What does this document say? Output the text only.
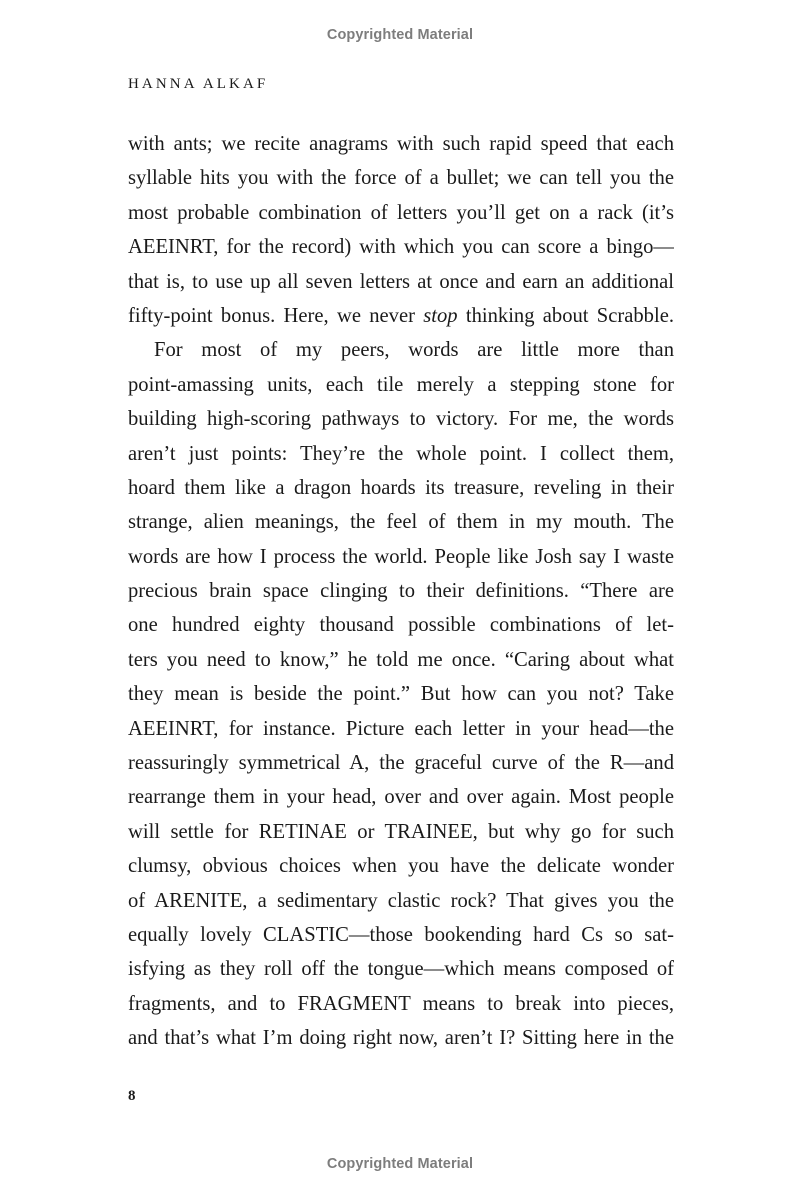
Copyrighted Material
HANNA ALKAF
with ants; we recite anagrams with such rapid speed that each
syllable hits you with the force of a bullet; we can tell you the
most probable combination of letters you’ll get on a rack (it’s
AEEINRT, for the record) with which you can score a bingo—
that is, to use up all seven letters at once and earn an additional
fifty-point bonus. Here, we never stop thinking about Scrabble.
For most of my peers, words are little more than
point-amassing units, each tile merely a stepping stone for
building high-scoring pathways to victory. For me, the words
aren’t just points: They’re the whole point. I collect them,
hoard them like a dragon hoards its treasure, reveling in their
strange, alien meanings, the feel of them in my mouth. The
words are how I process the world. People like Josh say I waste
precious brain space clinging to their definitions. “There are
one hundred eighty thousand possible combinations of let-
ters you need to know,” he told me once. “Caring about what
they mean is beside the point.” But how can you not? Take
AEEINRT, for instance. Picture each letter in your head—the
reassuringly symmetrical A, the graceful curve of the R—and
rearrange them in your head, over and over again. Most people
will settle for RETINAE or TRAINEE, but why go for such
clumsy, obvious choices when you have the delicate wonder
of ARENITE, a sedimentary clastic rock? That gives you the
equally lovely CLASTIC—those bookending hard Cs so sat-
isfying as they roll off the tongue—which means composed of
fragments, and to FRAGMENT means to break into pieces,
and that’s what I’m doing right now, aren’t I? Sitting here in the
8
Copyrighted Material
